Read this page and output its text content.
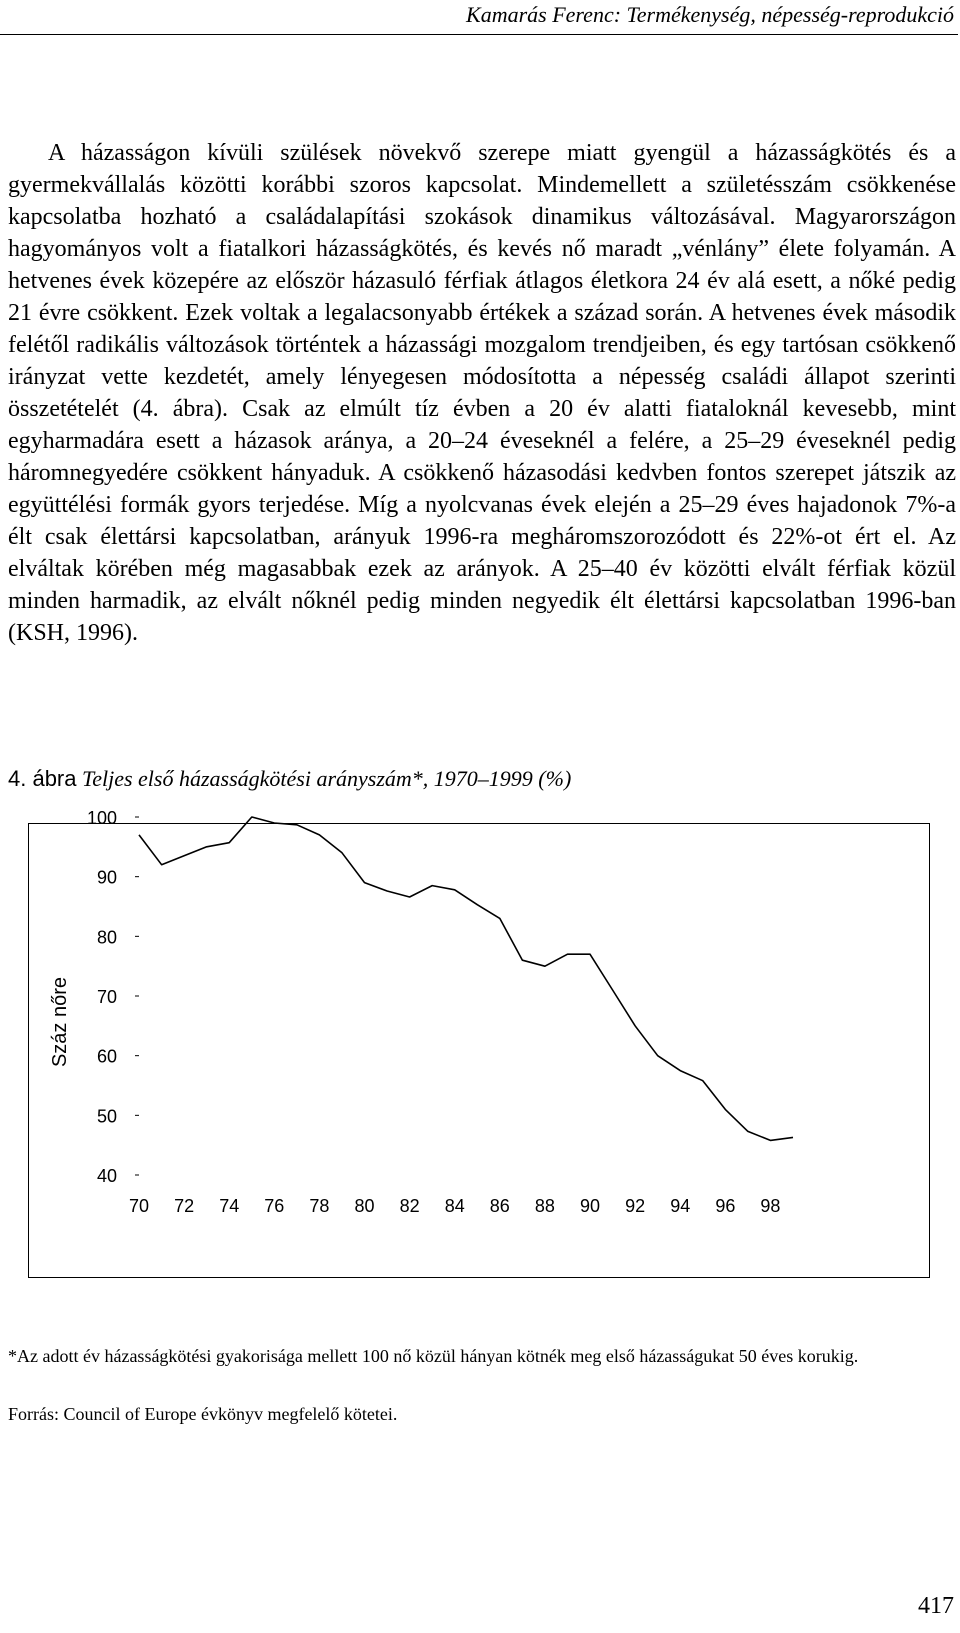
Kamarás Ferenc: Termékenység, népesség-reprodukció

A házasságon kívüli szülések növekvő szerepe miatt gyengül a házasságkötés és a gyermekvállalás közötti korábbi szoros kapcsolat. Mindemellett a születésszám csökkenése kapcsolatba hozható a családalapítási szokások dinamikus változásával. Magyarországon hagyományos volt a fiatalkori házasságkötés, és kevés nő maradt „vénlány” élete folyamán. A hetvenes évek közepére az először házasuló férfiak átlagos életkora 24 év alá esett, a nőké pedig 21 évre csökkent. Ezek voltak a legalacsonyabb értékek a század során. A hetvenes évek második felétől radikális változások történtek a házassági mozgalom trendjeiben, és egy tartósan csökkenő irányzat vette kezdetét, amely lényegesen módosította a népesség családi állapot szerinti összetételét (4. ábra). Csak az elmúlt tíz évben a 20 év alatti fiataloknál kevesebb, mint egyharmadára esett a házasok aránya, a 20–24 éveseknél a felére, a 25–29 éveseknél pedig háromnegyedére csökkent hányaduk. A csökkenő házasodási kedvben fontos szerepet játszik az együttélési formák gyors terjedése. Míg a nyolcvanas évek elején a 25–29 éves hajadonok 7%-a élt csak élettársi kapcsolatban, arányuk 1996-ra megháromszorozódott és 22%-ot ért el. Az elváltak körében még magasabbak ezek az arányok. A 25–40 év közötti elvált férfiak közül minden harmadik, az elvált nőknél pedig minden negyedik élt élettársi kapcsolatban 1996-ban (KSH, 1996).

4. ábra Teljes első házasságkötési arányszám*, 1970–1999 (%)
40
50
60
70
80
90
100
70 72 74 76 78 80 82 84 86 88 90 92 94 96 98
Száz nőre

*Az adott év házasságkötési gyakorisága mellett 100 nő közül hányan kötnék meg első házasságukat 50 éves korukig.

Forrás: Council of Europe évkönyv megfelelő kötetei.
417
